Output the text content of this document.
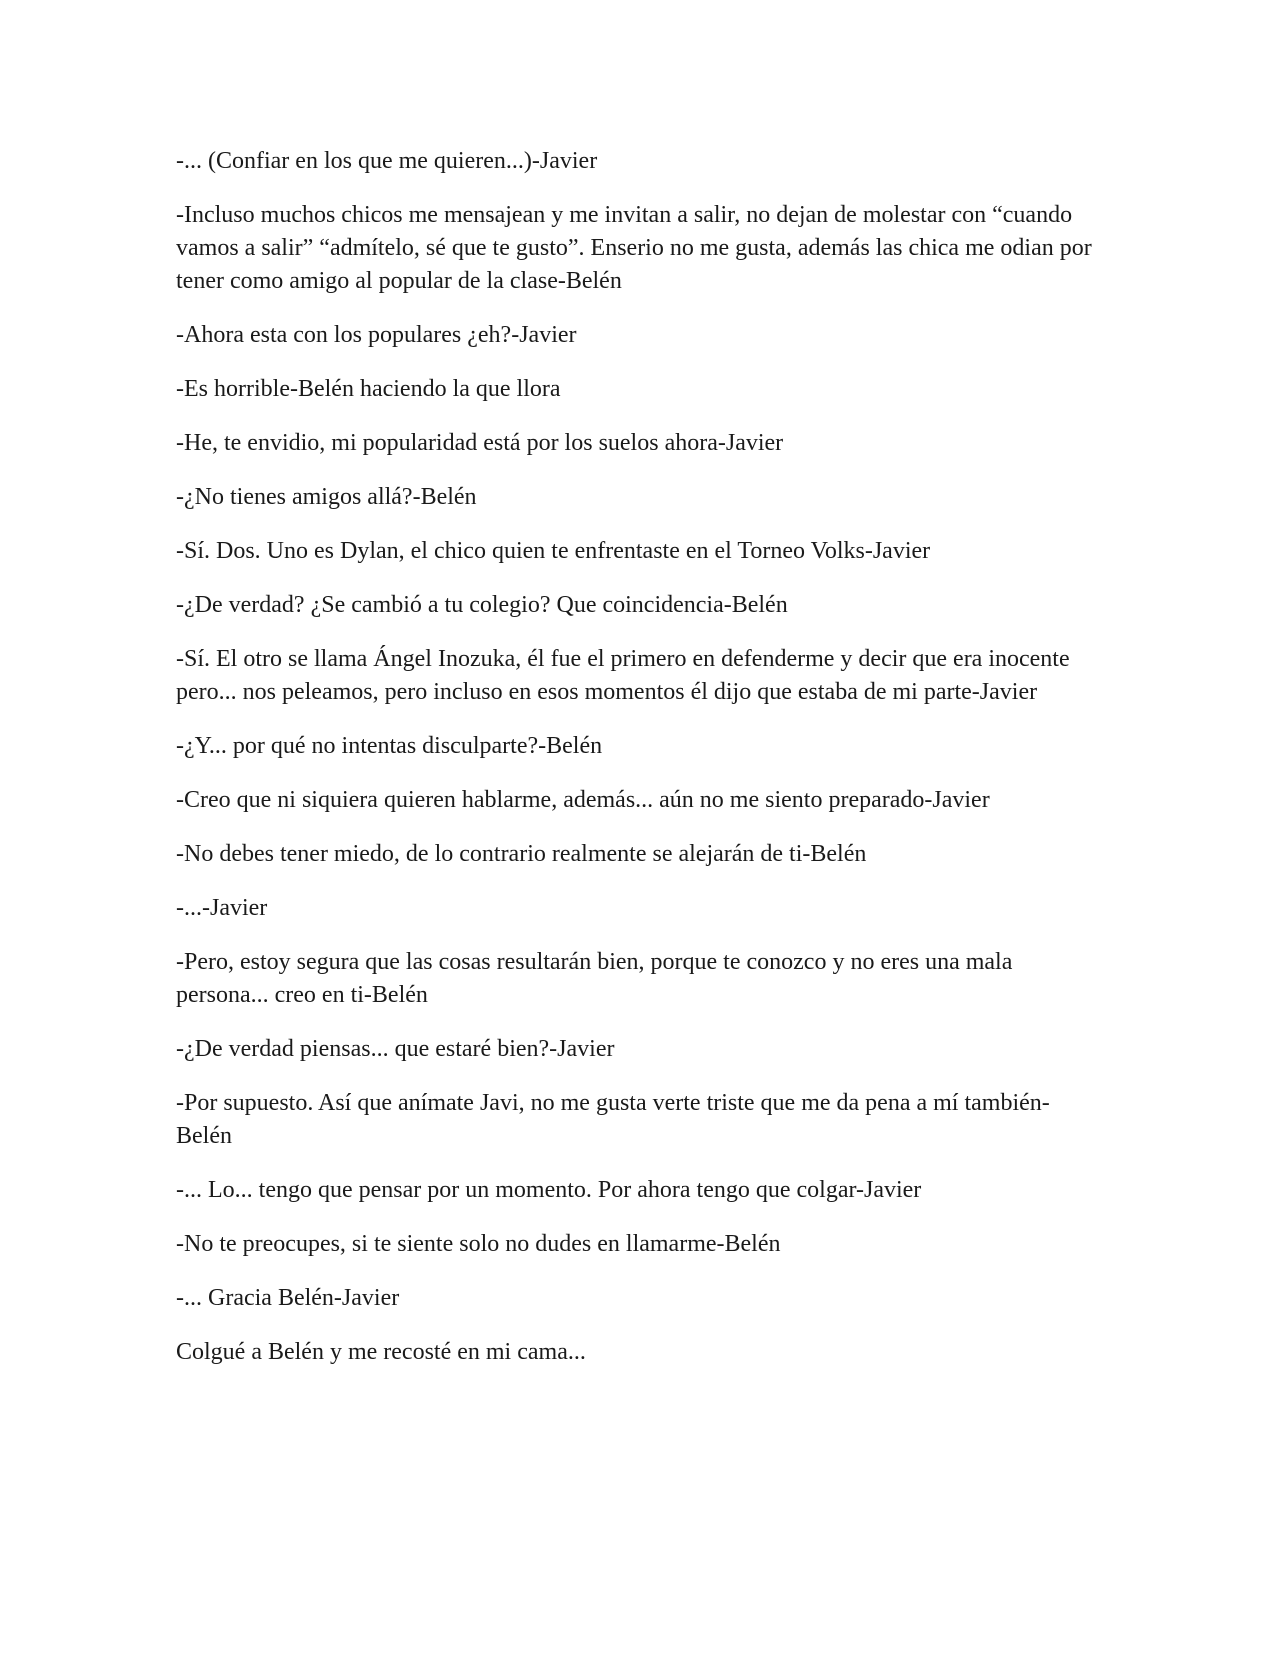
-... (Confiar en los que me quieren...)-Javier

-Incluso muchos chicos me mensajean y me invitan a salir, no dejan de molestar con “cuando vamos a salir” “admítelo, sé que te gusto”. Enserio no me gusta, además las chica me odian por tener como amigo al popular de la clase-Belén

-Ahora esta con los populares ¿eh?-Javier

-Es horrible-Belén haciendo la que llora

-He, te envidio, mi popularidad está por los suelos ahora-Javier

-¿No tienes amigos allá?-Belén

-Sí. Dos. Uno es Dylan, el chico quien te enfrentaste en el Torneo Volks-Javier

-¿De verdad? ¿Se cambió a tu colegio? Que coincidencia-Belén

-Sí. El otro se llama Ángel Inozuka, él fue el primero en defenderme y decir que era inocente pero... nos peleamos, pero incluso en esos momentos él dijo que estaba de mi parte-Javier

-¿Y... por qué no intentas disculparte?-Belén

-Creo que ni siquiera quieren hablarme, además... aún no me siento preparado-Javier

-No debes tener miedo, de lo contrario realmente se alejarán de ti-Belén

-...-Javier

-Pero, estoy segura que las cosas resultarán bien, porque te conozco y no eres una mala persona... creo en ti-Belén

-¿De verdad piensas... que estaré bien?-Javier

-Por supuesto. Así que anímate Javi, no me gusta verte triste que me da pena a mí también-Belén

-... Lo... tengo que pensar por un momento. Por ahora tengo que colgar-Javier

-No te preocupes, si te siente solo no dudes en llamarme-Belén

-... Gracia Belén-Javier

Colgué a Belén y me recosté en mi cama...
